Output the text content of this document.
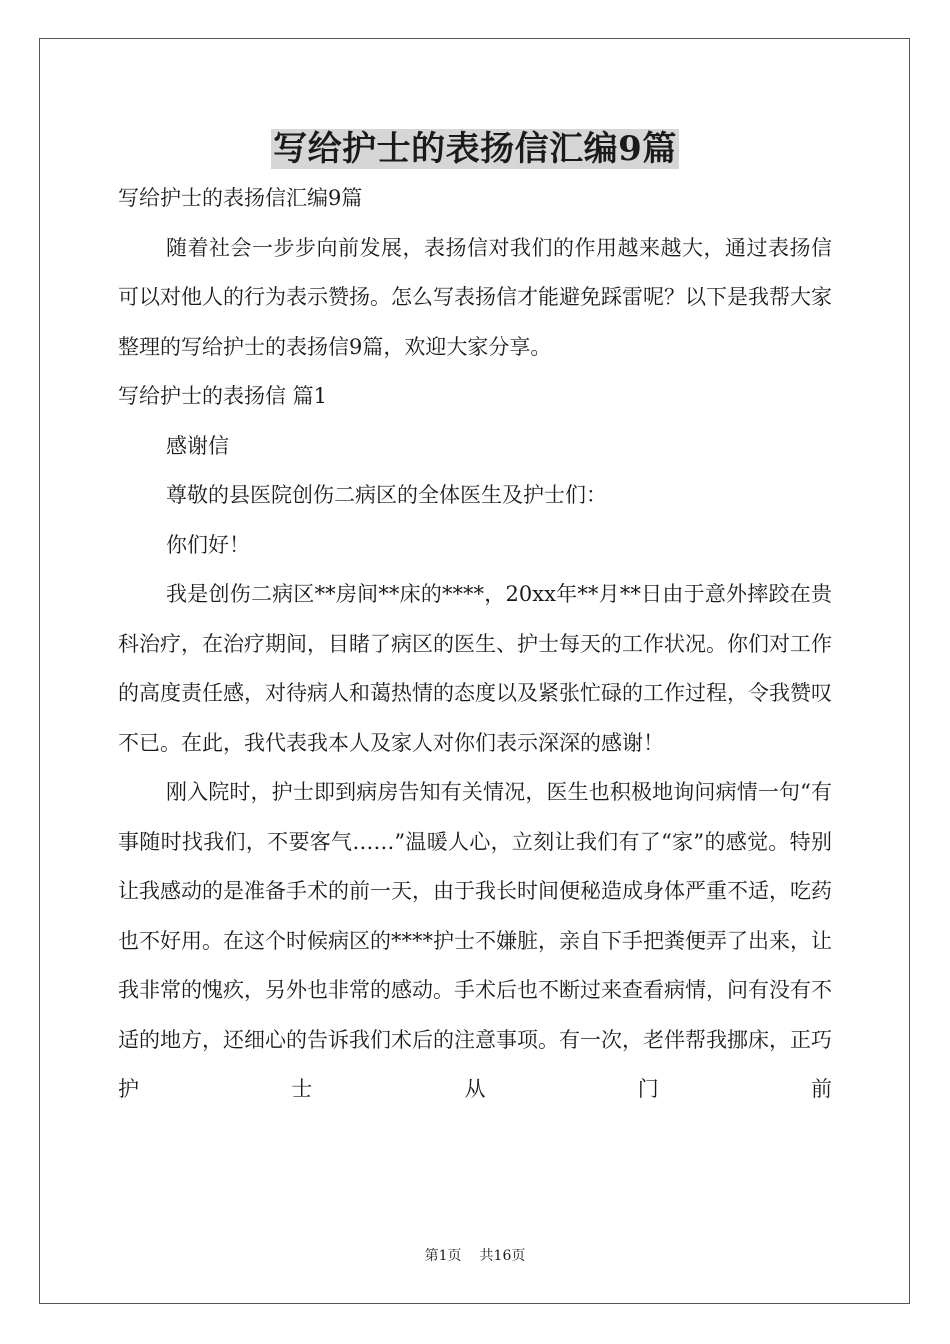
写给护士的表扬信汇编9篇

写给护士的表扬信汇编9篇

随着社会一步步向前发展，表扬信对我们的作用越来越大，通过表扬信可以对他人的行为表示赞扬。怎么写表扬信才能避免踩雷呢？以下是我帮大家整理的写给护士的表扬信9篇，欢迎大家分享。

写给护士的表扬信 篇1

感谢信

尊敬的县医院创伤二病区的全体医生及护士们：

你们好！

我是创伤二病区**房间**床的****，20xx年**月**日由于意外摔跤在贵科治疗，在治疗期间，目睹了病区的医生、护士每天的工作状况。你们对工作的高度责任感，对待病人和蔼热情的态度以及紧张忙碌的工作过程，令我赞叹不已。在此，我代表我本人及家人对你们表示深深的感谢！

刚入院时，护士即到病房告知有关情况，医生也积极地询问病情一句“有事随时找我们，不要客气……”温暖人心，立刻让我们有了“家”的感觉。特别让我感动的是准备手术的前一天，由于我长时间便秘造成身体严重不适，吃药也不好用。在这个时候病区的****护士不嫌脏，亲自下手把粪便弄了出来，让我非常的愧疚，另外也非常的感动。手术后也不断过来查看病情，问有没有不适的地方，还细心的告诉我们术后的注意事项。有一次，老伴帮我挪床，正巧护士从门前

第1页 共16页
